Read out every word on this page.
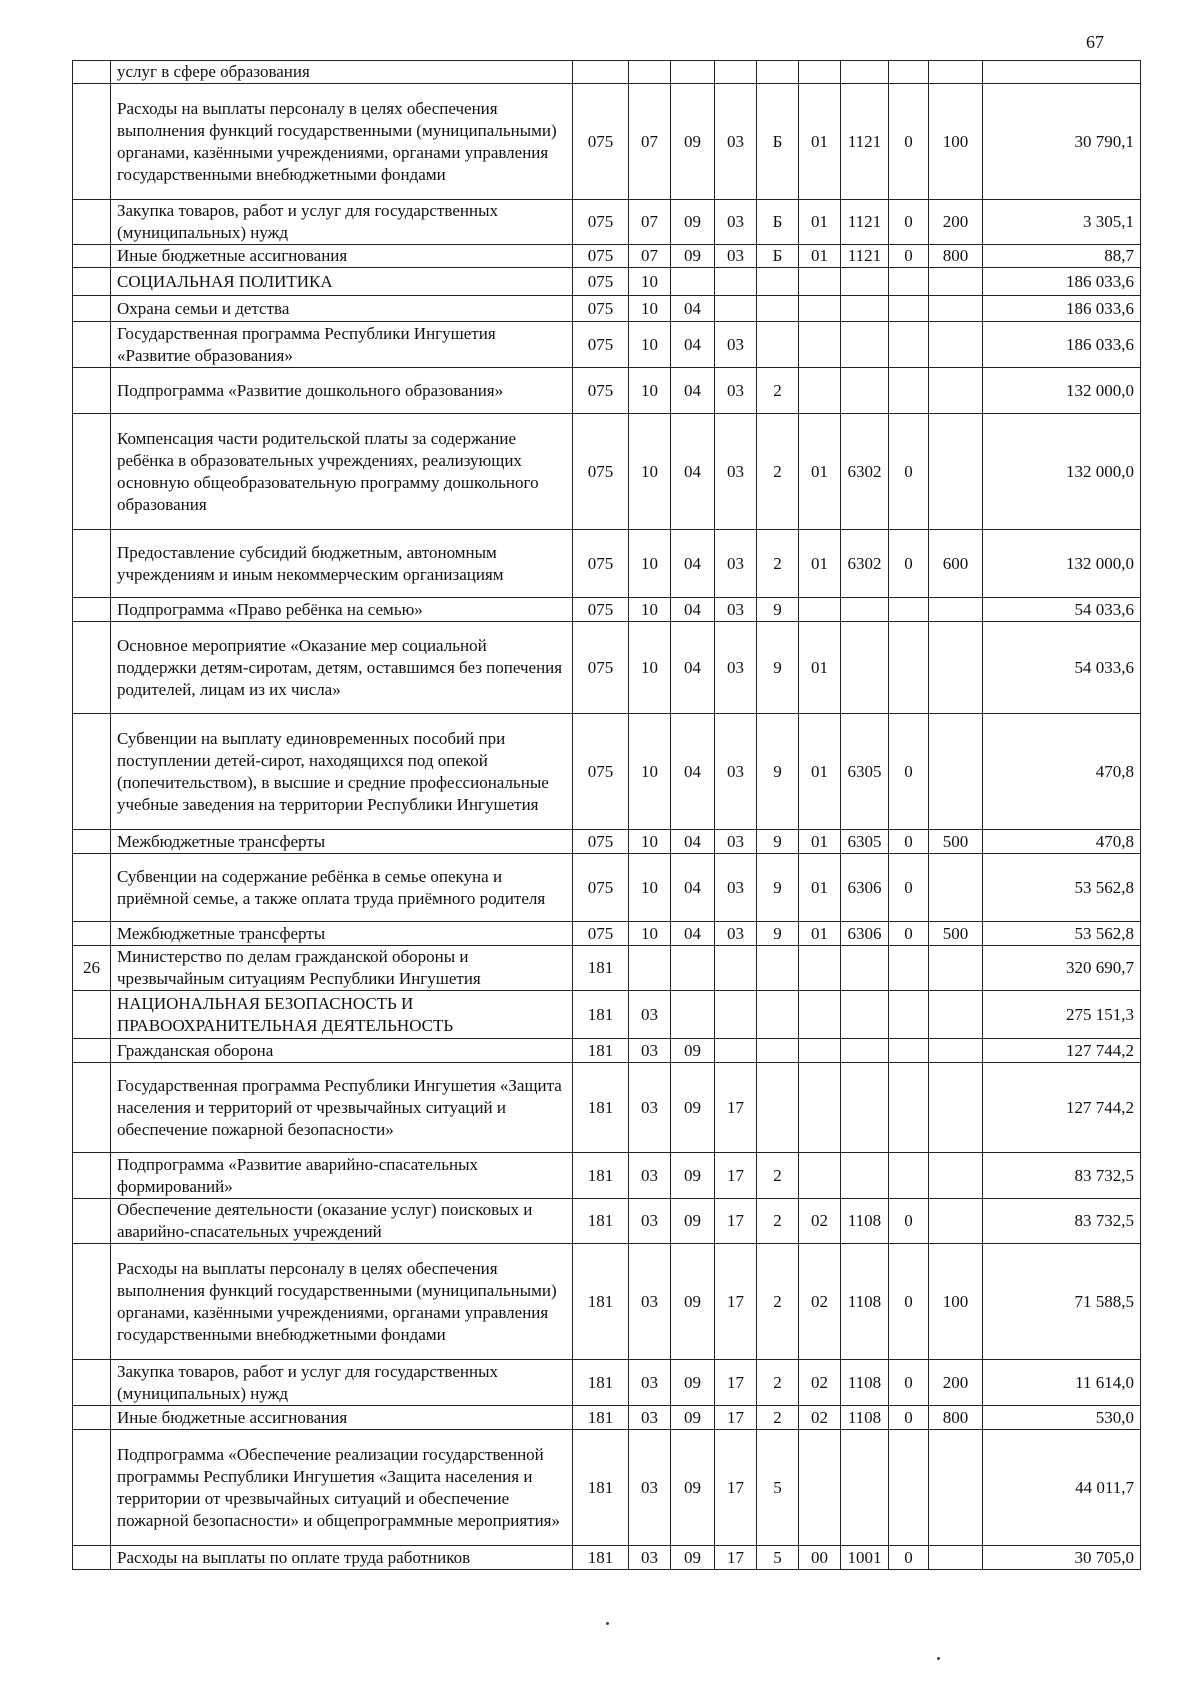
67
	услуг в сфере образования										
	Расходы на выплаты персоналу в целях обеспечения выполнения функций государственными (муниципальными) органами, казёнными учреждениями, органами управления государственными внебюджетными фондами	075	07	09	03	Б	01	1121	0	100	30 790,1
	Закупка товаров, работ и услуг для государственных (муниципальных) нужд	075	07	09	03	Б	01	1121	0	200	3 305,1
	Иные бюджетные ассигнования	075	07	09	03	Б	01	1121	0	800	88,7
	СОЦИАЛЬНАЯ ПОЛИТИКА	075	10								186 033,6
	Охрана семьи и детства	075	10	04							186 033,6
	Государственная программа Республики Ингушетия «Развитие образования»	075	10	04	03						186 033,6
	Подпрограмма «Развитие дошкольного образования»	075	10	04	03	2					132 000,0
	Компенсация части родительской платы за содержание ребёнка в образовательных учреждениях, реализующих основную общеобразовательную программу дошкольного образования	075	10	04	03	2	01	6302	0		132 000,0
	Предоставление субсидий бюджетным, автономным учреждениям и иным некоммерческим организациям	075	10	04	03	2	01	6302	0	600	132 000,0
	Подпрограмма «Право ребёнка на семью»	075	10	04	03	9					54 033,6
	Основное мероприятие «Оказание мер социальной поддержки детям-сиротам, детям, оставшимся без попечения родителей, лицам из их числа»	075	10	04	03	9	01				54 033,6
	Субвенции на выплату единовременных пособий при поступлении детей-сирот, находящихся под опекой (попечительством), в высшие и средние профессиональные учебные заведения на территории Республики Ингушетия	075	10	04	03	9	01	6305	0		470,8
	Межбюджетные трансферты	075	10	04	03	9	01	6305	0	500	470,8
	Субвенции на содержание ребёнка в семье опекуна и приёмной семье, а также оплата труда приёмного родителя	075	10	04	03	9	01	6306	0		53 562,8
	Межбюджетные трансферты	075	10	04	03	9	01	6306	0	500	53 562,8
26	Министерство по делам гражданской обороны и чрезвычайным ситуациям Республики Ингушетия	181									320 690,7
	НАЦИОНАЛЬНАЯ БЕЗОПАСНОСТЬ И ПРАВООХРАНИТЕЛЬНАЯ ДЕЯТЕЛЬНОСТЬ	181	03								275 151,3
	Гражданская оборона	181	03	09							127 744,2
	Государственная программа Республики Ингушетия «Защита населения и территорий от чрезвычайных ситуаций и обеспечение пожарной безопасности»	181	03	09	17						127 744,2
	Подпрограмма «Развитие аварийно-спасательных формирований»	181	03	09	17	2					83 732,5
	Обеспечение деятельности (оказание услуг) поисковых и аварийно-спасательных учреждений	181	03	09	17	2	02	1108	0		83 732,5
	Расходы на выплаты персоналу в целях обеспечения выполнения функций государственными (муниципальными) органами, казёнными учреждениями, органами управления государственными внебюджетными фондами	181	03	09	17	2	02	1108	0	100	71 588,5
	Закупка товаров, работ и услуг для государственных (муниципальных) нужд	181	03	09	17	2	02	1108	0	200	11 614,0
	Иные бюджетные ассигнования	181	03	09	17	2	02	1108	0	800	530,0
	Подпрограмма «Обеспечение реализации государственной программы Республики Ингушетия «Защита населения и территории от чрезвычайных ситуаций и обеспечение пожарной безопасности» и общепрограммные мероприятия»	181	03	09	17	5					44 011,7
	Расходы на выплаты по оплате труда работников	181	03	09	17	5	00	1001	0		30 705,0
